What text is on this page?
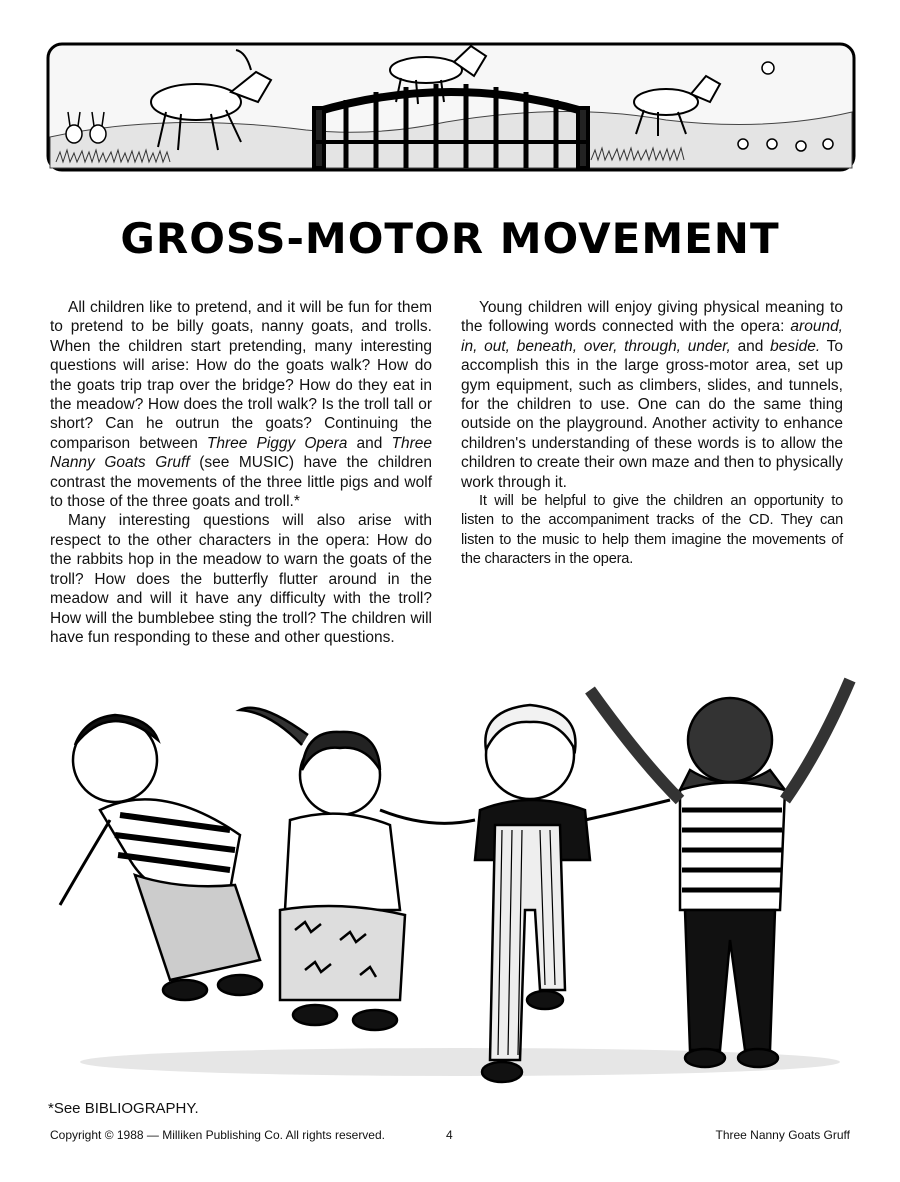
GROSS-MOTOR MOVEMENT

All children like to pretend, and it will be fun for them to pretend to be billy goats, nanny goats, and trolls. When the children start pretending, many interesting questions will arise: How do the goats walk? How do the goats trip trap over the bridge? How do they eat in the meadow? How does the troll walk? Is the troll tall or short? Can he outrun the goats? Continuing the comparison between Three Piggy Opera and Three Nanny Goats Gruff (see MUSIC) have the children contrast the movements of the three little pigs and wolf to those of the three goats and troll.*

Many interesting questions will also arise with respect to the other characters in the opera: How do the rabbits hop in the meadow to warn the goats of the troll? How does the butterfly flutter around in the meadow and will it have any difficulty with the troll? How will the bumblebee sting the troll? The children will have fun responding to these and other questions.

Young children will enjoy giving physical meaning to the following words connected with the opera: around, in, out, beneath, over, through, under, and beside. To accomplish this in the large gross-motor area, set up gym equipment, such as climbers, slides, and tunnels, for the children to use. One can do the same thing outside on the playground. Another activity to enhance children's understanding of these words is to allow the children to create their own maze and then to physically work through it.

It will be helpful to give the children an opportunity to listen to the accompaniment tracks of the CD. They can listen to the music to help them imagine the movements of the characters in the opera.

*See BIBLIOGRAPHY.
Copyright © 1988 — Milliken Publishing Co. All rights reserved.	4	Three Nanny Goats Gruff
